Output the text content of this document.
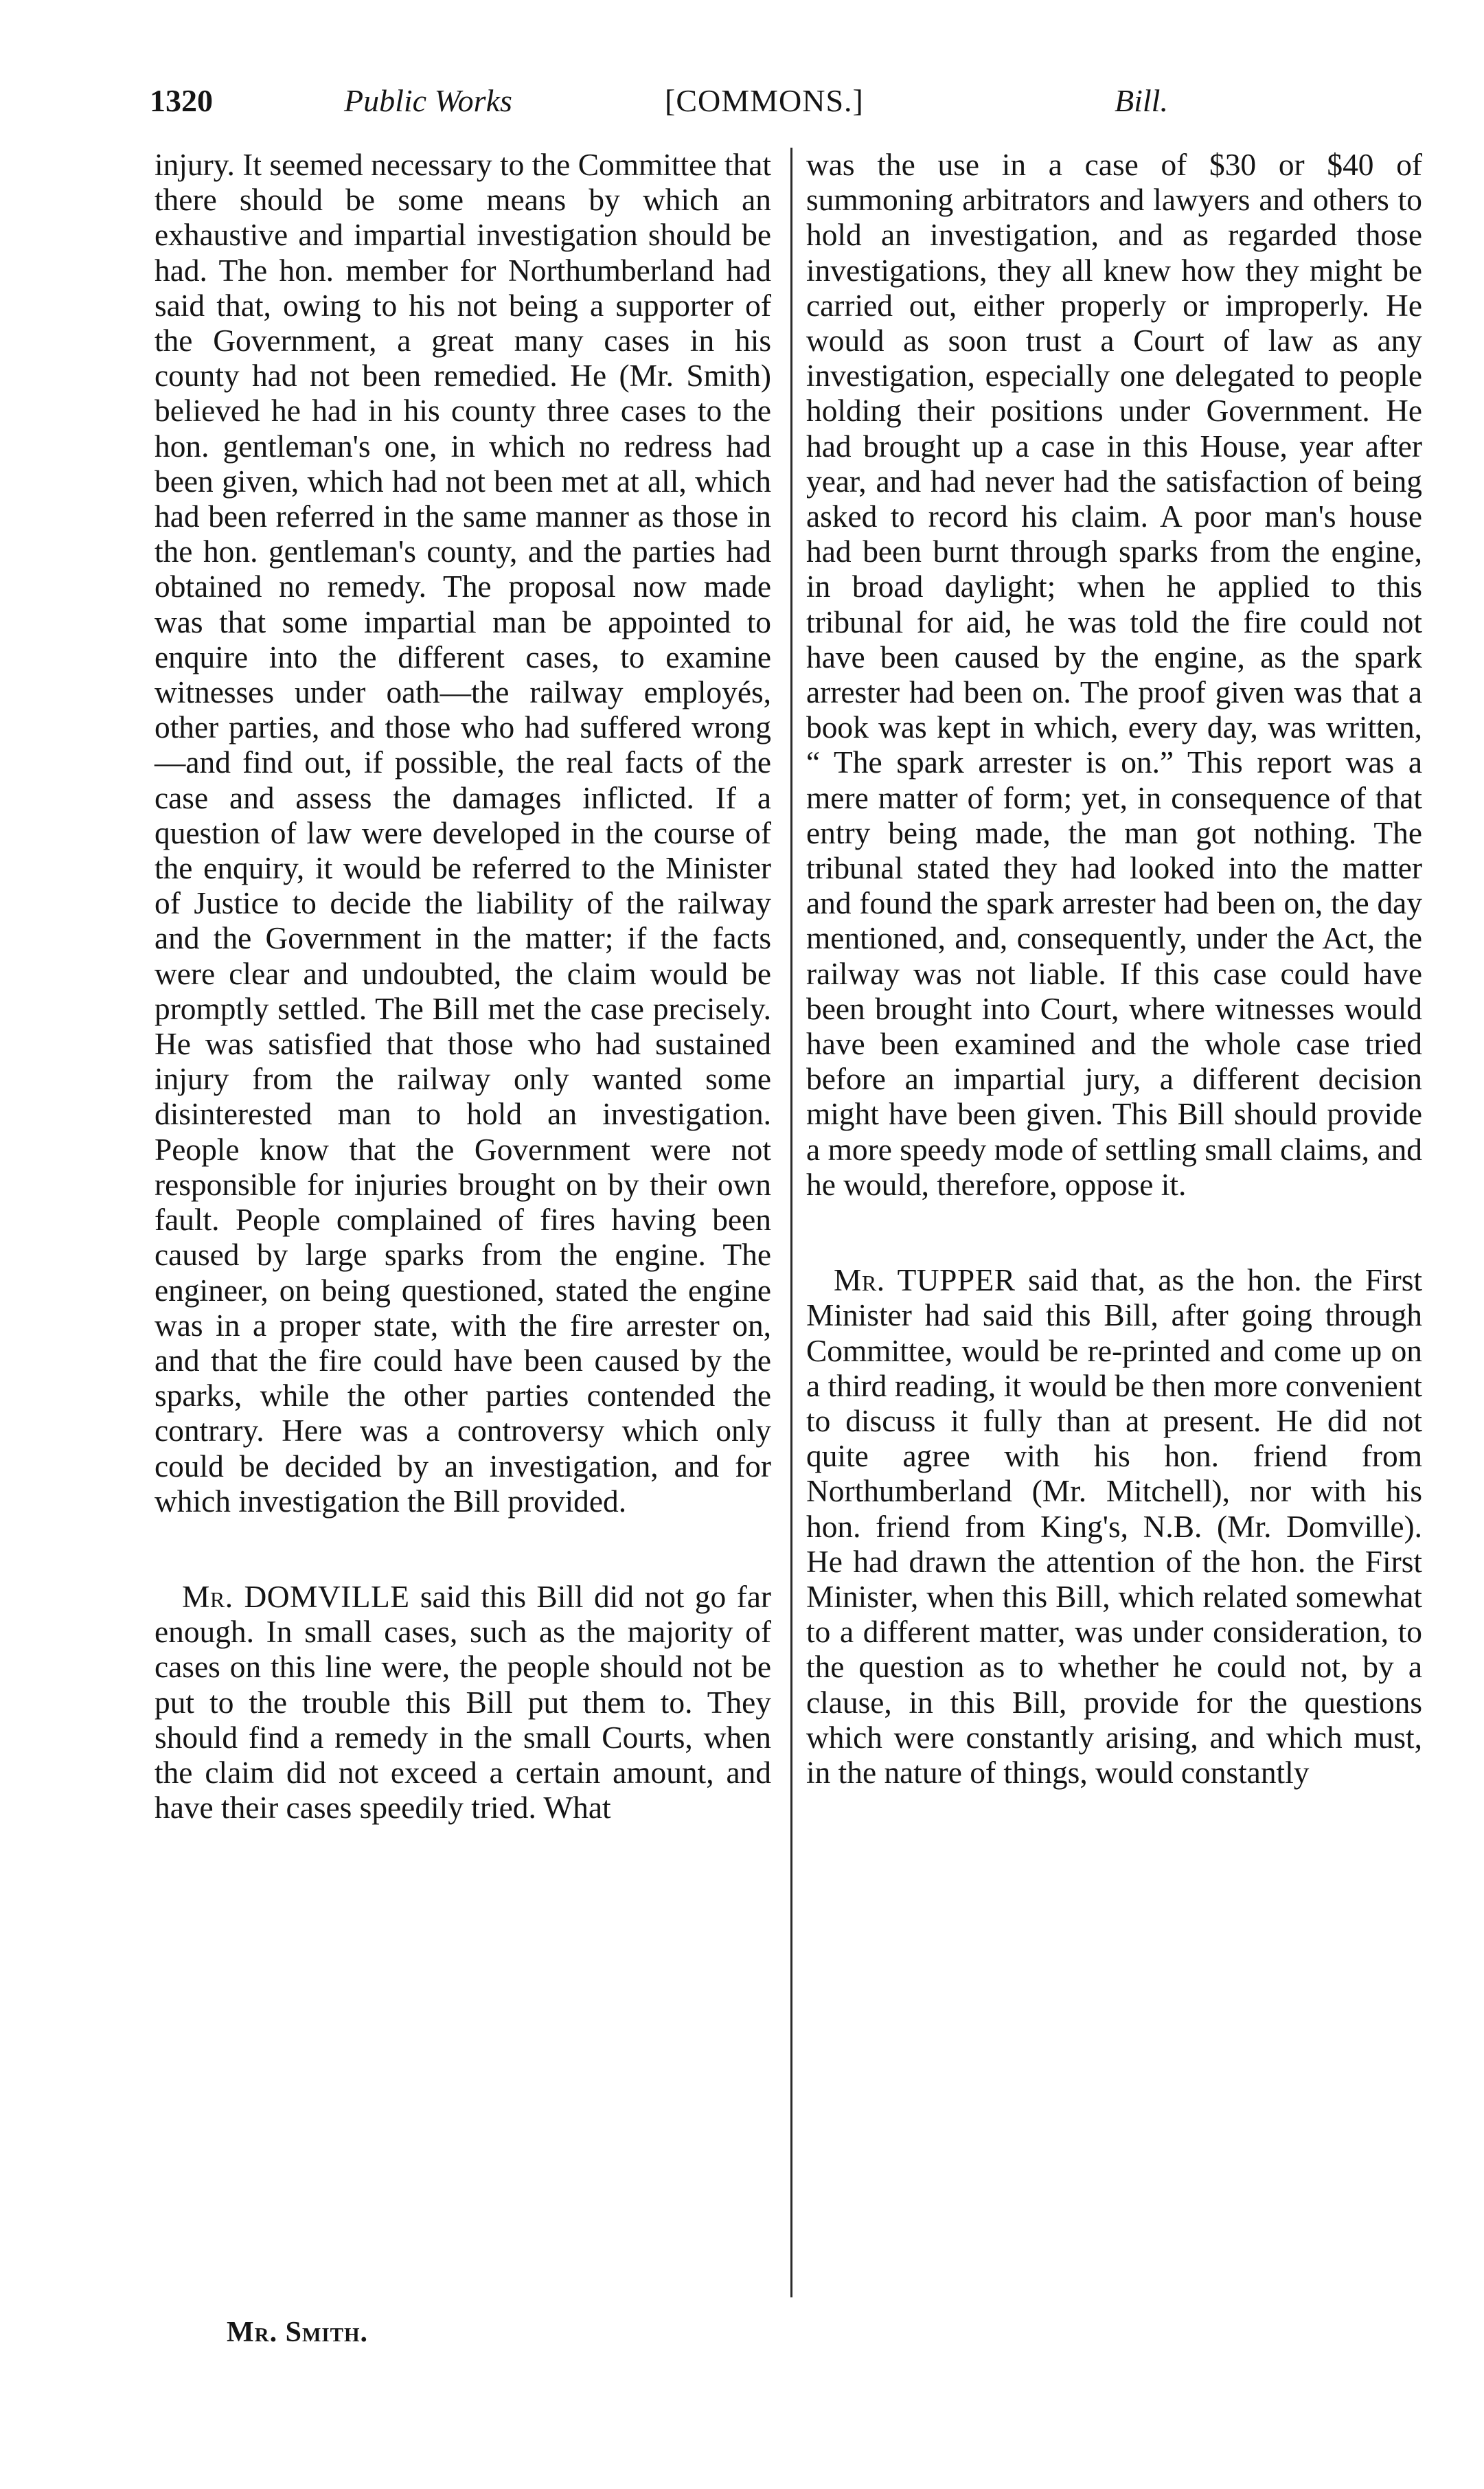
1320	Public Works	[COMMONS.]	Bill.

injury. It seemed necessary to the Committee that there should be some means by which an exhaustive and impartial investigation should be had. The hon. member for Northumberland had said that, owing to his not being a supporter of the Government, a great many cases in his county had not been remedied. He (Mr. Smith) believed he had in his county three cases to the hon. gentleman's one, in which no redress had been given, which had not been met at all, which had been referred in the same manner as those in the hon. gentleman's county, and the parties had obtained no remedy. The proposal now made was that some impartial man be appointed to enquire into the different cases, to examine witnesses under oath—the railway employés, other parties, and those who had suffered wrong—and find out, if possible, the real facts of the case and assess the damages inflicted. If a question of law were developed in the course of the enquiry, it would be referred to the Minister of Justice to decide the liability of the railway and the Government in the matter; if the facts were clear and undoubted, the claim would be promptly settled. The Bill met the case precisely. He was satisfied that those who had sustained injury from the railway only wanted some disinterested man to hold an investigation. People know that the Government were not responsible for injuries brought on by their own fault. People complained of fires having been caused by large sparks from the engine. The engineer, on being questioned, stated the engine was in a proper state, with the fire arrester on, and that the fire could have been caused by the sparks, while the other parties contended the contrary. Here was a controversy which only could be decided by an investigation, and for which investigation the Bill provided.

Mr. DOMVILLE said this Bill did not go far enough. In small cases, such as the majority of cases on this line were, the people should not be put to the trouble this Bill put them to. They should find a remedy in the small Courts, when the claim did not exceed a certain amount, and have their cases speedily tried. What

was the use in a case of $30 or $40 of summoning arbitrators and lawyers and others to hold an investigation, and as regarded those investigations, they all knew how they might be carried out, either properly or improperly. He would as soon trust a Court of law as any investigation, especially one delegated to people holding their positions under Government. He had brought up a case in this House, year after year, and had never had the satisfaction of being asked to record his claim. A poor man's house had been burnt through sparks from the engine, in broad daylight; when he applied to this tribunal for aid, he was told the fire could not have been caused by the engine, as the spark arrester had been on. The proof given was that a book was kept in which, every day, was written, “ The spark arrester is on.” This report was a mere matter of form; yet, in consequence of that entry being made, the man got nothing. The tribunal stated they had looked into the matter and found the spark arrester had been on, the day mentioned, and, consequently, under the Act, the railway was not liable. If this case could have been brought into Court, where witnesses would have been examined and the whole case tried before an impartial jury, a different decision might have been given. This Bill should provide a more speedy mode of settling small claims, and he would, therefore, oppose it.

Mr. TUPPER said that, as the hon. the First Minister had said this Bill, after going through Committee, would be re-printed and come up on a third reading, it would be then more convenient to discuss it fully than at present. He did not quite agree with his hon. friend from Northumberland (Mr. Mitchell), nor with his hon. friend from King's, N.B. (Mr. Domville). He had drawn the attention of the hon. the First Minister, when this Bill, which related somewhat to a different matter, was under consideration, to the question as to whether he could not, by a clause, in this Bill, provide for the questions which were constantly arising, and which must, in the nature of things, would constantly

Mr. Smith.
